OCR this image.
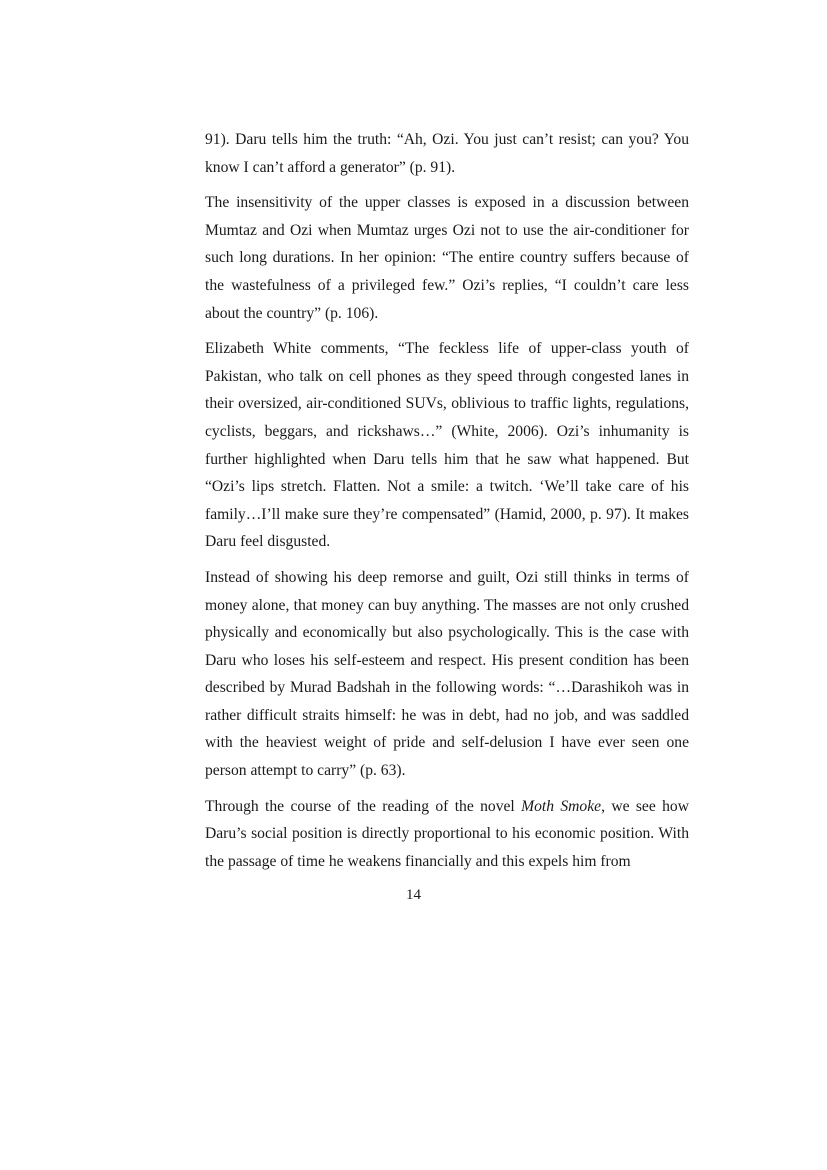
91). Daru tells him the truth: “Ah, Ozi. You just can’t resist; can you? You know I can’t afford a generator” (p. 91).

The insensitivity of the upper classes is exposed in a discussion between Mumtaz and Ozi when Mumtaz urges Ozi not to use the air-conditioner for such long durations. In her opinion: “The entire country suffers because of the wastefulness of a privileged few.” Ozi’s replies, “I couldn’t care less about the country” (p. 106).

Elizabeth White comments, “The feckless life of upper-class youth of Pakistan, who talk on cell phones as they speed through congested lanes in their oversized, air-conditioned SUVs, oblivious to traffic lights, regulations, cyclists, beggars, and rickshaws…” (White, 2006). Ozi’s inhumanity is further highlighted when Daru tells him that he saw what happened. But “Ozi’s lips stretch. Flatten. Not a smile: a twitch. ‘We’ll take care of his family…I’ll make sure they’re compensated” (Hamid, 2000, p. 97). It makes Daru feel disgusted.

Instead of showing his deep remorse and guilt, Ozi still thinks in terms of money alone, that money can buy anything. The masses are not only crushed physically and economically but also psychologically. This is the case with Daru who loses his self-esteem and respect. His present condition has been described by Murad Badshah in the following words: “…Darashikoh was in rather difficult straits himself: he was in debt, had no job, and was saddled with the heaviest weight of pride and self-delusion I have ever seen one person attempt to carry” (p. 63).

Through the course of the reading of the novel Moth Smoke, we see how Daru’s social position is directly proportional to his economic position. With the passage of time he weakens financially and this expels him from

14
